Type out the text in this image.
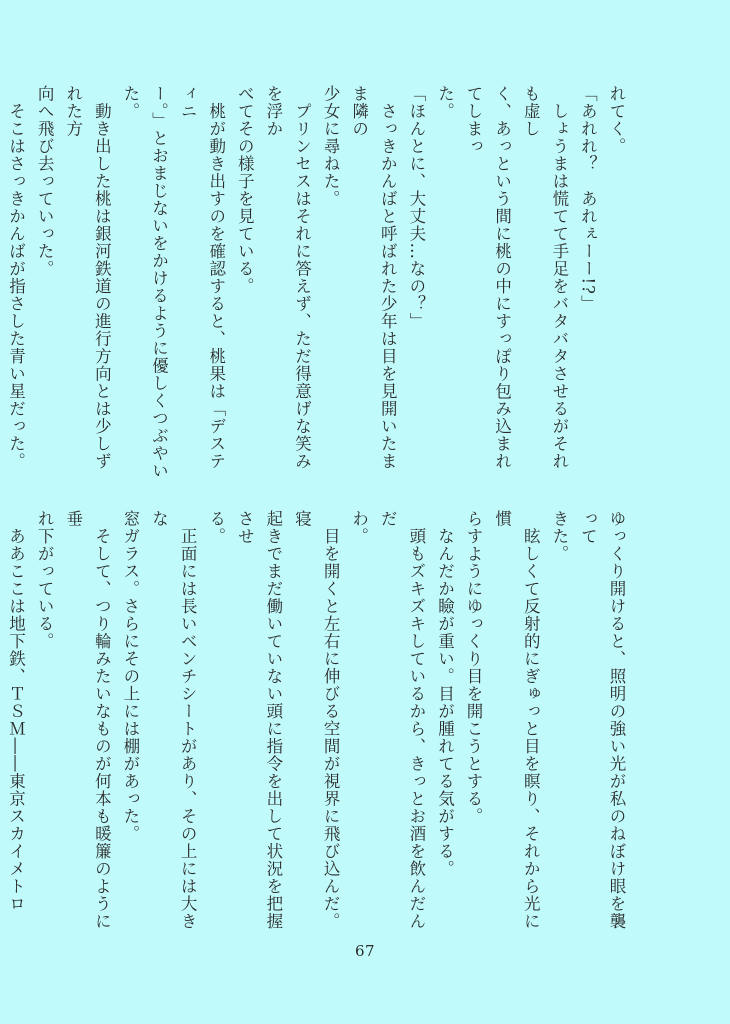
れてく。

「あれれ？　あれぇーー!?」

　しょうまは慌てて手足をバタバタさせるがそれも虚し

く、あっという間に桃の中にすっぽり包み込まれてしまっ

た。

「ほんとに、大丈夫…なの？」

　さっきかんばと呼ばれた少年は目を見開いたまま隣の

少女に尋ねた。

　プリンセスはそれに答えず、ただ得意げな笑みを浮か

べてその様子を見ている。

　桃が動き出すのを確認すると、桃果は「デスティニ

ー。」とおまじないをかけるように優しくつぶやいた。

　動き出した桃は銀河鉄道の進行方向とは少しずれた方

向へ飛び去っていった。

　そこはさっきかんばが指さした青い星だった。

ゆっくり開けると、照明の強い光が私のねぼけ眼を襲って

きた。

　眩しくて反射的にぎゅっと目を瞑り、それから光に慣

らすようにゆっくり目を開こうとする。

　なんだか瞼が重い。目が腫れてる気がする。

　頭もズキズキしているから、きっとお酒を飲んだんだ

わ。

　目を開くと左右に伸びる空間が視界に飛び込んだ。寝

起きでまだ働いていない頭に指令を出して状況を把握させ

る。

　正面には長いベンチシートがあり、その上には大きな

窓ガラス。さらにその上には棚があった。

　そして、つり輪みたいなものが何本も暖簾のように垂

れ下がっている。

　ああここは地下鉄、ＴＳＭ――東京スカイメトロ

67
